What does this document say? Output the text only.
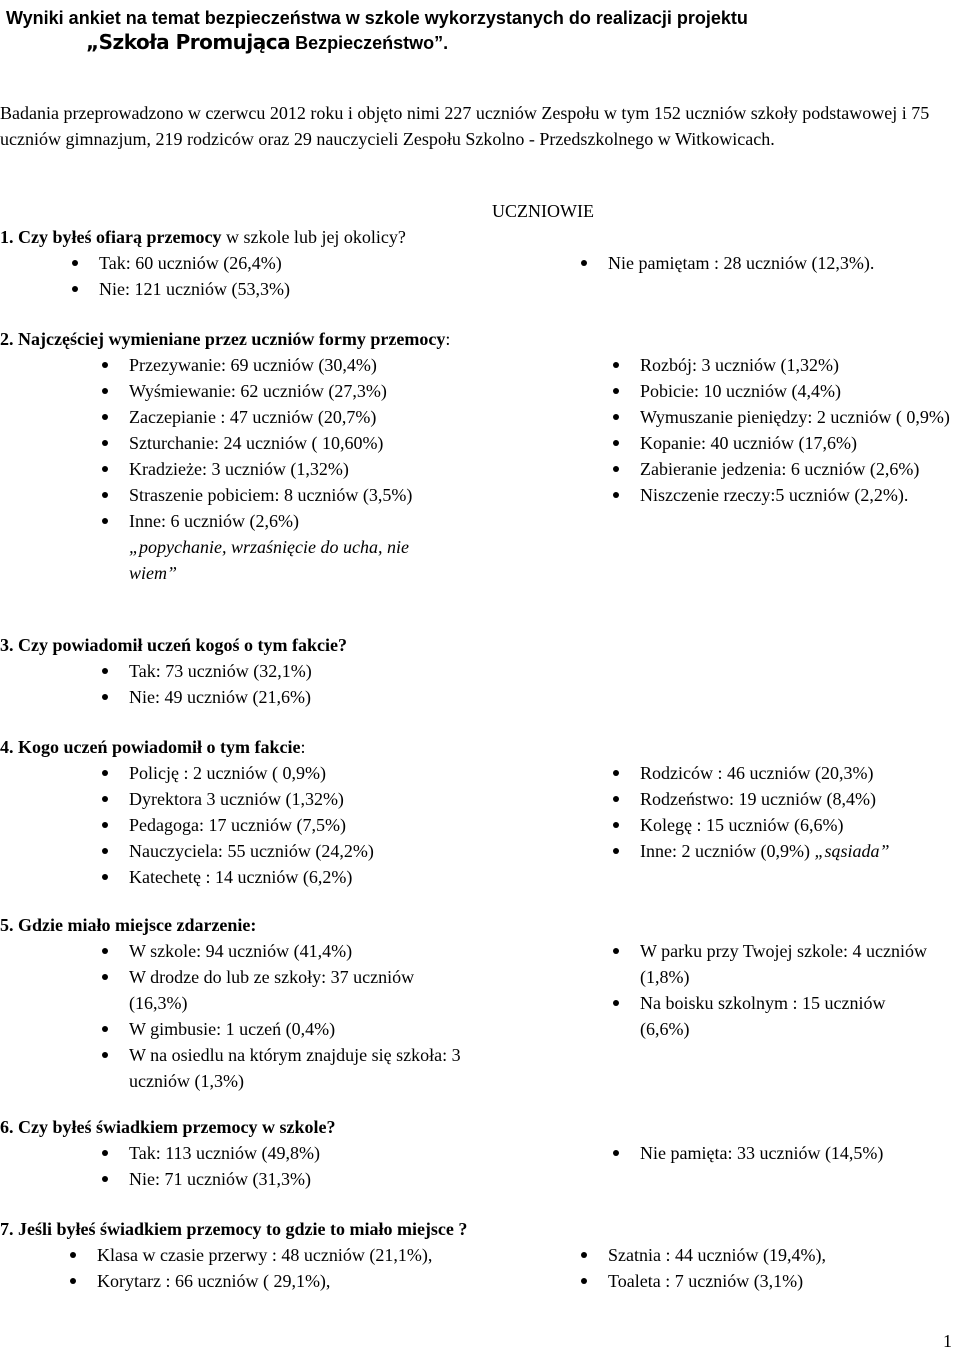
Wyniki ankiet na temat bezpieczeństwa w szkole wykorzystanych do realizacji projektu
„Szkoła Promująca Bezpieczeństwo”.
Badania przeprowadzono w czerwcu 2012 roku i objęto nimi 227 uczniów Zespołu w tym 152 uczniów szkoły podstawowej i 75 uczniów gimnazjum, 219 rodziców oraz 29 nauczycieli Zespołu Szkolno - Przedszkolnego w Witkowicach.
UCZNIOWIE
1. Czy byłeś ofiarą przemocy w szkole lub jej okolicy?
Tak: 60 uczniów (26,4%)
Nie: 121 uczniów (53,3%)
Nie pamiętam : 28 uczniów (12,3%).
2. Najczęściej wymieniane przez uczniów formy przemocy:
Przezywanie: 69 uczniów (30,4%)
Wyśmiewanie: 62 uczniów (27,3%)
Zaczepianie : 47 uczniów (20,7%)
Szturchanie: 24 uczniów ( 10,60%)
Kradzieże: 3 uczniów (1,32%)
Straszenie pobiciem: 8 uczniów (3,5%)
Inne: 6 uczniów (2,6%)
„popychanie, wrzaśnięcie do ucha, nie wiem”
Rozbój: 3 uczniów (1,32%)
Pobicie: 10 uczniów (4,4%)
Wymuszanie pieniędzy: 2 uczniów ( 0,9%)
Kopanie: 40 uczniów (17,6%)
Zabieranie jedzenia: 6 uczniów (2,6%)
Niszczenie rzeczy:5 uczniów (2,2%).
3. Czy powiadomił uczeń kogoś o tym fakcie?
Tak: 73 uczniów (32,1%)
Nie: 49 uczniów (21,6%)
4. Kogo uczeń powiadomił o tym fakcie:
Policję : 2 uczniów ( 0,9%)
Dyrektora 3 uczniów (1,32%)
Pedagoga: 17 uczniów (7,5%)
Nauczyciela: 55 uczniów (24,2%)
Katechetę : 14 uczniów (6,2%)
Rodziców : 46 uczniów (20,3%)
Rodzeństwo: 19 uczniów (8,4%)
Kolegę : 15 uczniów (6,6%)
Inne: 2 uczniów (0,9%) „sąsiada”
5. Gdzie miało miejsce zdarzenie:
W szkole: 94 uczniów (41,4%)
W drodze do lub ze szkoły: 37 uczniów (16,3%)
W gimbusie: 1 uczeń (0,4%)
W na osiedlu na którym znajduje się szkoła: 3 uczniów (1,3%)
W parku przy Twojej szkole: 4 uczniów (1,8%)
Na boisku szkolnym : 15 uczniów (6,6%)
6. Czy byłeś świadkiem przemocy w szkole?
Tak: 113 uczniów (49,8%)
Nie: 71 uczniów (31,3%)
Nie pamięta: 33 uczniów (14,5%)
7. Jeśli byłeś świadkiem przemocy to gdzie to miało miejsce ?
Klasa w czasie przerwy : 48 uczniów (21,1%),
Korytarz : 66 uczniów ( 29,1%),
Szatnia : 44 uczniów (19,4%),
Toaleta : 7 uczniów (3,1%)
1
